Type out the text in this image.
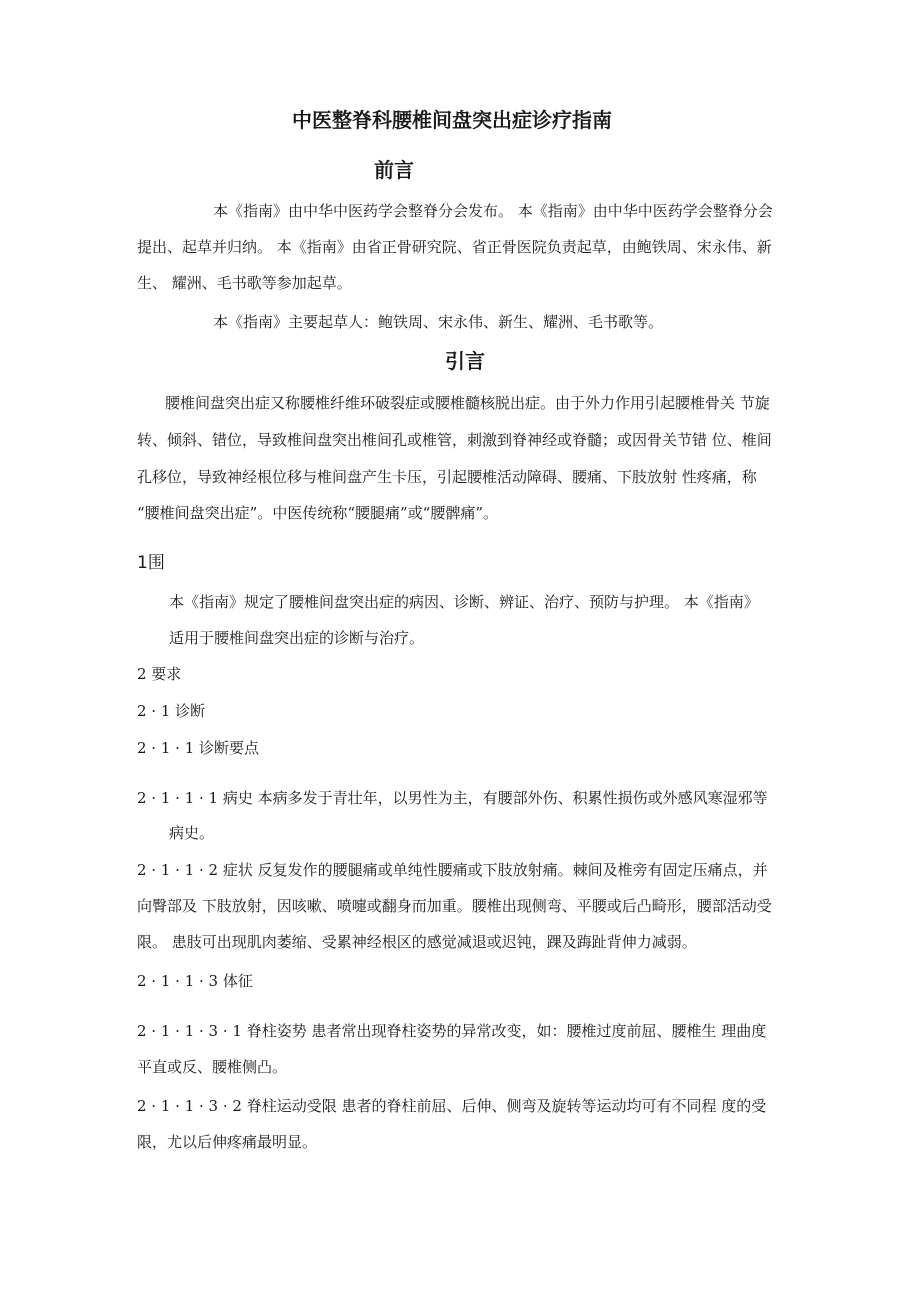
中医整脊科腰椎间盘突出症诊疗指南
前言

本《指南》由中华中医药学会整脊分会发布。 本《指南》由中华中医药学会整脊分会

提出、起草并归纳。 本《指南》由省正骨研究院、省正骨医院负责起草，由鲍铁周、宋永伟、新

生、 耀洲、毛书歌等参加起草。

本《指南》主要起草人：鲍铁周、宋永伟、新生、耀洲、毛书歌等。

引言

腰椎间盘突出症又称腰椎纤维环破裂症或腰椎髓核脱出症。由于外力作用引起腰椎骨关 节旋

转、倾斜、错位，导致椎间盘突出椎间孔或椎管，刺激到脊神经或脊髓；或因骨关节错 位、椎间

孔移位，导致神经根位移与椎间盘产生卡压，引起腰椎活动障碍、腰痛、下肢放射 性疼痛，称

“腰椎间盘突出症”。中医传统称“腰腿痛”或“腰髀痛”。

1围

本《指南》规定了腰椎间盘突出症的病因、诊断、辨证、治疗、预防与护理。 本《指南》

适用于腰椎间盘突出症的诊断与治疗。

2 要求

2 · 1 诊断

2 · 1 · 1 诊断要点

2 · 1 · 1 · 1 病史 本病多发于青壮年，以男性为主，有腰部外伤、积累性损伤或外感风寒湿邪等

病史。

2 · 1 · 1 · 2 症状 反复发作的腰腿痛或单纯性腰痛或下肢放射痛。棘间及椎旁有固定压痛点，并

向臀部及 下肢放射，因咳嗽、喷嚏或翻身而加重。腰椎出现侧弯、平腰或后凸畸形，腰部活动受

限。 患肢可出现肌肉萎缩、受累神经根区的感觉减退或迟钝，踝及踇趾背伸力减弱。

2 · 1 · 1 · 3 体征

2 · 1 · 1 · 3 · 1 脊柱姿势 患者常出现脊柱姿势的异常改变，如：腰椎过度前屈、腰椎生 理曲度

平直或反、腰椎侧凸。

2 · 1 · 1 · 3 · 2 脊柱运动受限 患者的脊柱前屈、后伸、侧弯及旋转等运动均可有不同程 度的受

限，尤以后伸疼痛最明显。
